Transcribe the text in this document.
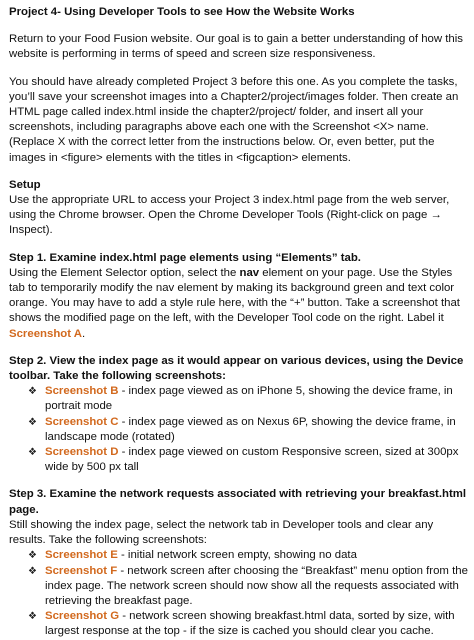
Project 4- Using Developer Tools to see How the Website Works

Return to your Food Fusion website. Our goal is to gain a better understanding of how this website is performing in terms of speed and screen size responsiveness.

You should have already completed Project 3 before this one. As you complete the tasks, you’ll save your screenshot images into a Chapter2/project/images folder. Then create an HTML page called index.html inside the chapter2/project/ folder, and insert all your screenshots, including paragraphs above each one with the Screenshot <X> name. (Replace X with the correct letter from the instructions below. Or, even better, put the images in <figure> elements with the titles in <figcaption> elements.

Setup

Use the appropriate URL to access your Project 3 index.html page from the web server, using the Chrome browser. Open the Chrome Developer Tools (Right-click on page → Inspect).

Step 1. Examine index.html page elements using “Elements” tab.

Using the Element Selector option, select the nav element on your page. Use the Styles tab to temporarily modify the nav element by making its background green and text color orange. You may have to add a style rule here, with the “+” button. Take a screenshot that shows the modified page on the left, with the Developer Tool code on the right. Label it Screenshot A.

Step 2. View the index page as it would appear on various devices, using the Device toolbar. Take the following screenshots:

❖ Screenshot B - index page viewed as on iPhone 5, showing the device frame, in portrait mode
❖ Screenshot C - index page viewed as on Nexus 6P, showing the device frame, in landscape mode (rotated)
❖ Screenshot D - index page viewed on custom Responsive screen, sized at 300px wide by 500 px tall

Step 3. Examine the network requests associated with retrieving your breakfast.html page.

Still showing the index page, select the network tab in Developer tools and clear any results. Take the following screenshots:

❖ Screenshot E - initial network screen empty, showing no data
❖ Screenshot F - network screen after choosing the “Breakfast” menu option from the index page. The network screen should now show all the requests associated with retrieving the breakfast page.
❖ Screenshot G - network screen showing breakfast.html data, sorted by size, with largest response at the top - if the size is cached you should clear you cache.
